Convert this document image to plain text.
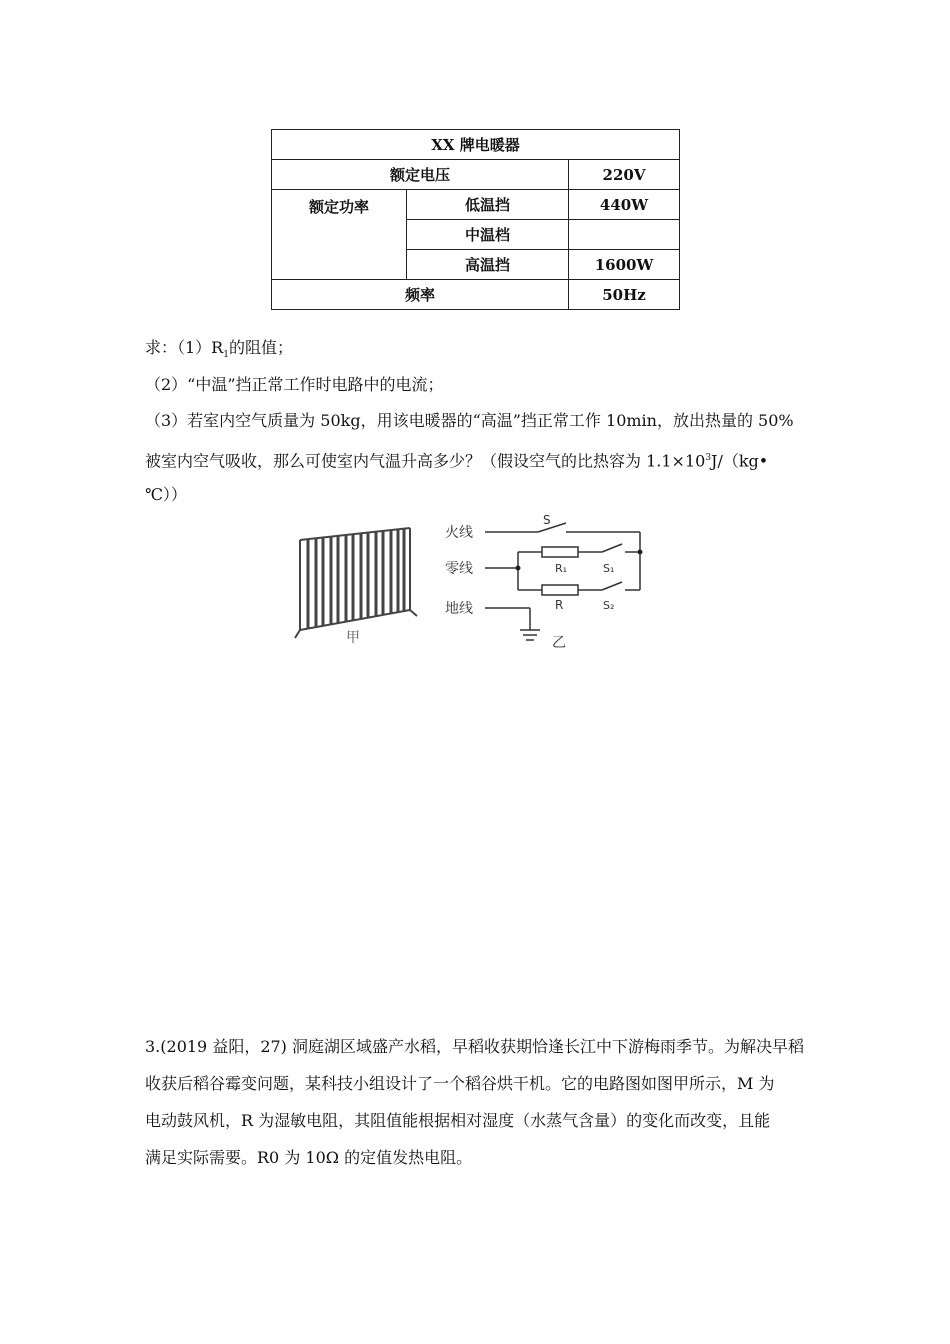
XX 牌电暖器		
额定电压		220V
额定功率	低温挡	440W
	中温档	
	高温挡	1600W
频率		50Hz
求：$(1)R_1$的阻值；
（2）“中温”挡正常工作时电路中的电流；
（3）若室内空气质量为 50kg，用该电暖器的“高温”挡正常工作 10min，放出热量的 50%
被室内空气吸收，那么可使室内气温升高多少？（假设空气的比热容为 $1.1\times 10^3J/(kg•$
℃））
甲
火线
零线
地线
S
R₁	S₁
R	S₂
乙
3.(2019 益阳，27) 洞庭湖区域盛产水稻，早稻收获期恰逢长江中下游梅雨季节。为解决早稻
收获后稻谷霉变问题，某科技小组设计了一个稻谷烘干机。它的电路图如图甲所示，M 为
电动鼓风机，R 为湿敏电阻，其阻值能根据相对湿度（水蒸气含量）的变化而改变，且能
满足实际需要。R0 为 10Ω 的定值发热电阻。
